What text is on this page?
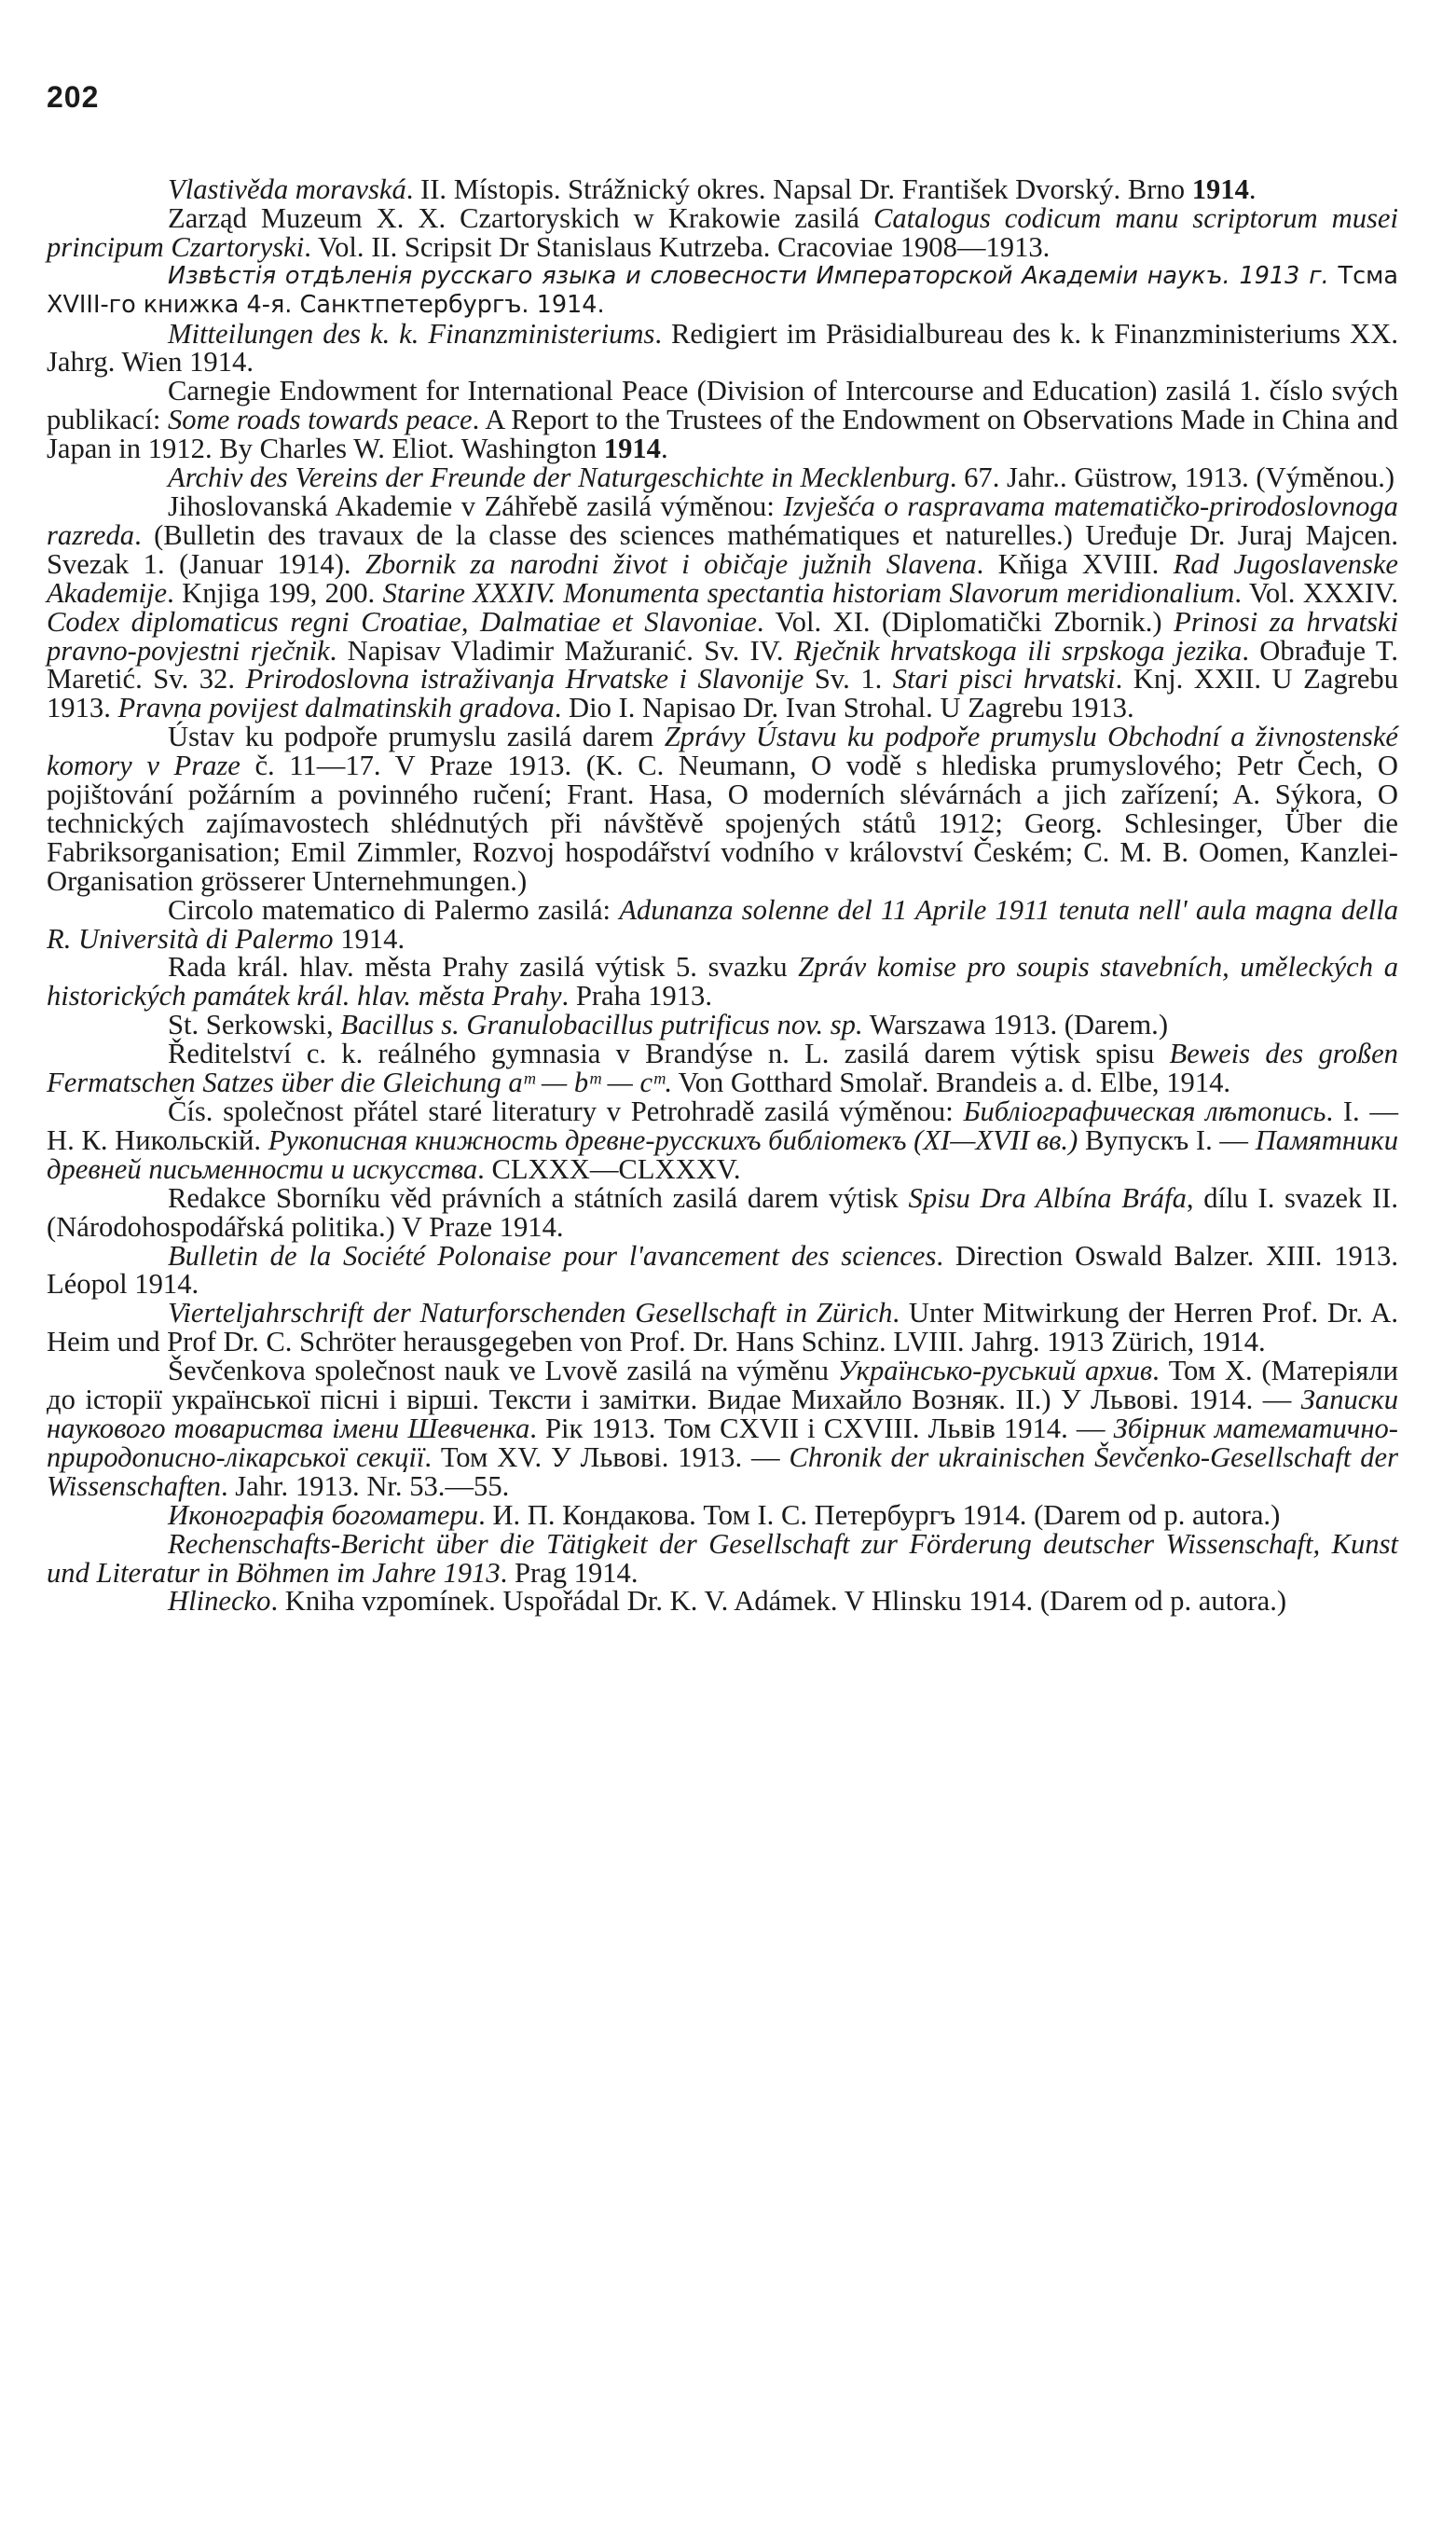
202

Vlastivěda moravská. II. Místopis. Strážnický okres. Napsal Dr. František Dvorský. Brno 1914.

Zarząd Muzeum X. X. Czartoryskich w Krakowie zasilá Catalogus codicum manu scriptorum musei principum Czartoryski. Vol. II. Scripsit Dr Stanislaus Kutrzeba. Cracoviae 1908—1913.

Извѣстія отдѣленія русскаго языка и словесности Императорской Академіи наукъ. 1913 г. Тсма XVIII-го книжка 4-я. Санктпетербургъ. 1914.

Mitteilungen des k. k. Finanzministeriums. Redigiert im Präsidialbureau des k. k Finanzministeriums XX. Jahrg. Wien 1914.

Carnegie Endowment for International Peace (Division of Intercourse and Education) zasilá 1. číslo svých publikací: Some roads towards peace. A Report to the Trustees of the Endowment on Observations Made in China and Japan in 1912. By Charles W. Eliot. Washington 1914.

Archiv des Vereins der Freunde der Naturgeschichte in Mecklenburg. 67. Jahr.. Güstrow, 1913. (Výměnou.)

Jihoslovanská Akademie v Záhřebě zasilá výměnou: Izvješća o raspravama matematičko-prirodoslovnoga razreda. (Bulletin des travaux de la classe des sciences mathématiques et naturelles.) Uređuje Dr. Juraj Majcen. Svezak 1. (Januar 1914). Zbornik za narodni život i običaje južnih Slavena. Kňiga XVIII. Rad Jugoslavenske Akademije. Knjiga 199, 200. Starine XXXIV. Monumenta spectantia historiam Slavorum meridionalium. Vol. XXXIV. Codex diplomaticus regni Croatiae, Dalmatiae et Slavoniae. Vol. XI. (Diplomatički Zbornik.) Prinosi za hrvatski pravno-povjestni rječnik. Napisav Vladimir Mažuranić. Sv. IV. Rječnik hrvatskoga ili srpskoga jezika. Obrađuje T. Maretić. Sv. 32. Prirodoslovna istraživanja Hrvatske i Slavonije Sv. 1. Stari pisci hrvatski. Knj. XXII. U Zagrebu 1913. Pravna povijest dalmatinskih gradova. Dio I. Napisao Dr. Ivan Strohal. U Zagrebu 1913.

Ústav ku podpoře prumyslu zasilá darem Zprávy Ústavu ku podpoře prumyslu Obchodní a živnostenské komory v Praze č. 11—17. V Praze 1913. (K. C. Neumann, O vodě s hlediska prumyslového; Petr Čech, O pojištování požárním a povinného ručení; Frant. Hasa, O moderních slévárnách a jich zařízení; A. Sýkora, O technických zajímavostech shlédnutých při návštěvě spojených států 1912; Georg. Schlesinger, Über die Fabriksorganisation; Emil Zimmler, Rozvoj hospodářství vodního v království Českém; C. M. B. Oomen, Kanzlei-Organisation grösserer Unternehmungen.)

Circolo matematico di Palermo zasilá: Adunanza solenne del 11 Aprile 1911 tenuta nell' aula magna della R. Università di Palermo 1914.

Rada král. hlav. města Prahy zasilá výtisk 5. svazku Zpráv komise pro soupis stavebních, uměleckých a historických památek král. hlav. města Prahy. Praha 1913.

St. Serkowski, Bacillus s. Granulobacillus putrificus nov. sp. Warszawa 1913. (Darem.)

Ředitelství c. k. reálného gymnasia v Brandýse n. L. zasilá darem výtisk spisu Beweis des großen Fermatschen Satzes über die Gleichung aᵐ — bᵐ — cᵐ. Von Gotthard Smolař. Brandeis a. d. Elbe, 1914.

Čís. společnost přátel staré literatury v Petrohradě zasilá výměnou: Библіографическая лѣтопись. I. — Н. К. Никольскій. Рукописная книжность древне-русскихъ библіотекъ (XI—XVII вв.) Вупускъ I. — Памятники древней письменности и искусства. CLXXX—CLXXXV.

Redakce Sborníku věd právních a státních zasilá darem výtisk Spisu Dra Albína Bráfa, dílu I. svazek II. (Národohospodářská politika.) V Praze 1914.

Bulletin de la Société Polonaise pour l'avancement des sciences. Direction Oswald Balzer. XIII. 1913. Léopol 1914.

Vierteljahrschrift der Naturforschenden Gesellschaft in Zürich. Unter Mitwirkung der Herren Prof. Dr. A. Heim und Prof Dr. C. Schröter herausgegeben von Prof. Dr. Hans Schinz. LVIII. Jahrg. 1913 Zürich, 1914.

Ševčenkova společnost nauk ve Lvově zasilá na výměnu Українсько-руський архив. Том X. (Матеріяли до історії української пісні і вірші. Тексти і замітки. Видае Михайло Возняк. II.) У Львові. 1914. — Записки наукового товариства імени Шевченка. Рік 1913. Том CXVII і CXVIII. Львів 1914. — Збірник математично-природописно-лікарської секції. Том XV. У Львові. 1913. — Chronik der ukrainischen Ševčenko-Gesellschaft der Wissenschaften. Jahr. 1913. Nr. 53.—55.

Иконографія богоматери. И. П. Кондакова. Том I. С. Петербургъ 1914. (Darem od p. autora.)

Rechenschafts-Bericht über die Tätigkeit der Gesellschaft zur Förderung deutscher Wissenschaft, Kunst und Literatur in Böhmen im Jahre 1913. Prag 1914.

Hlinecko. Kniha vzpomínek. Uspořádal Dr. K. V. Adámek. V Hlinsku 1914. (Darem od p. autora.)
